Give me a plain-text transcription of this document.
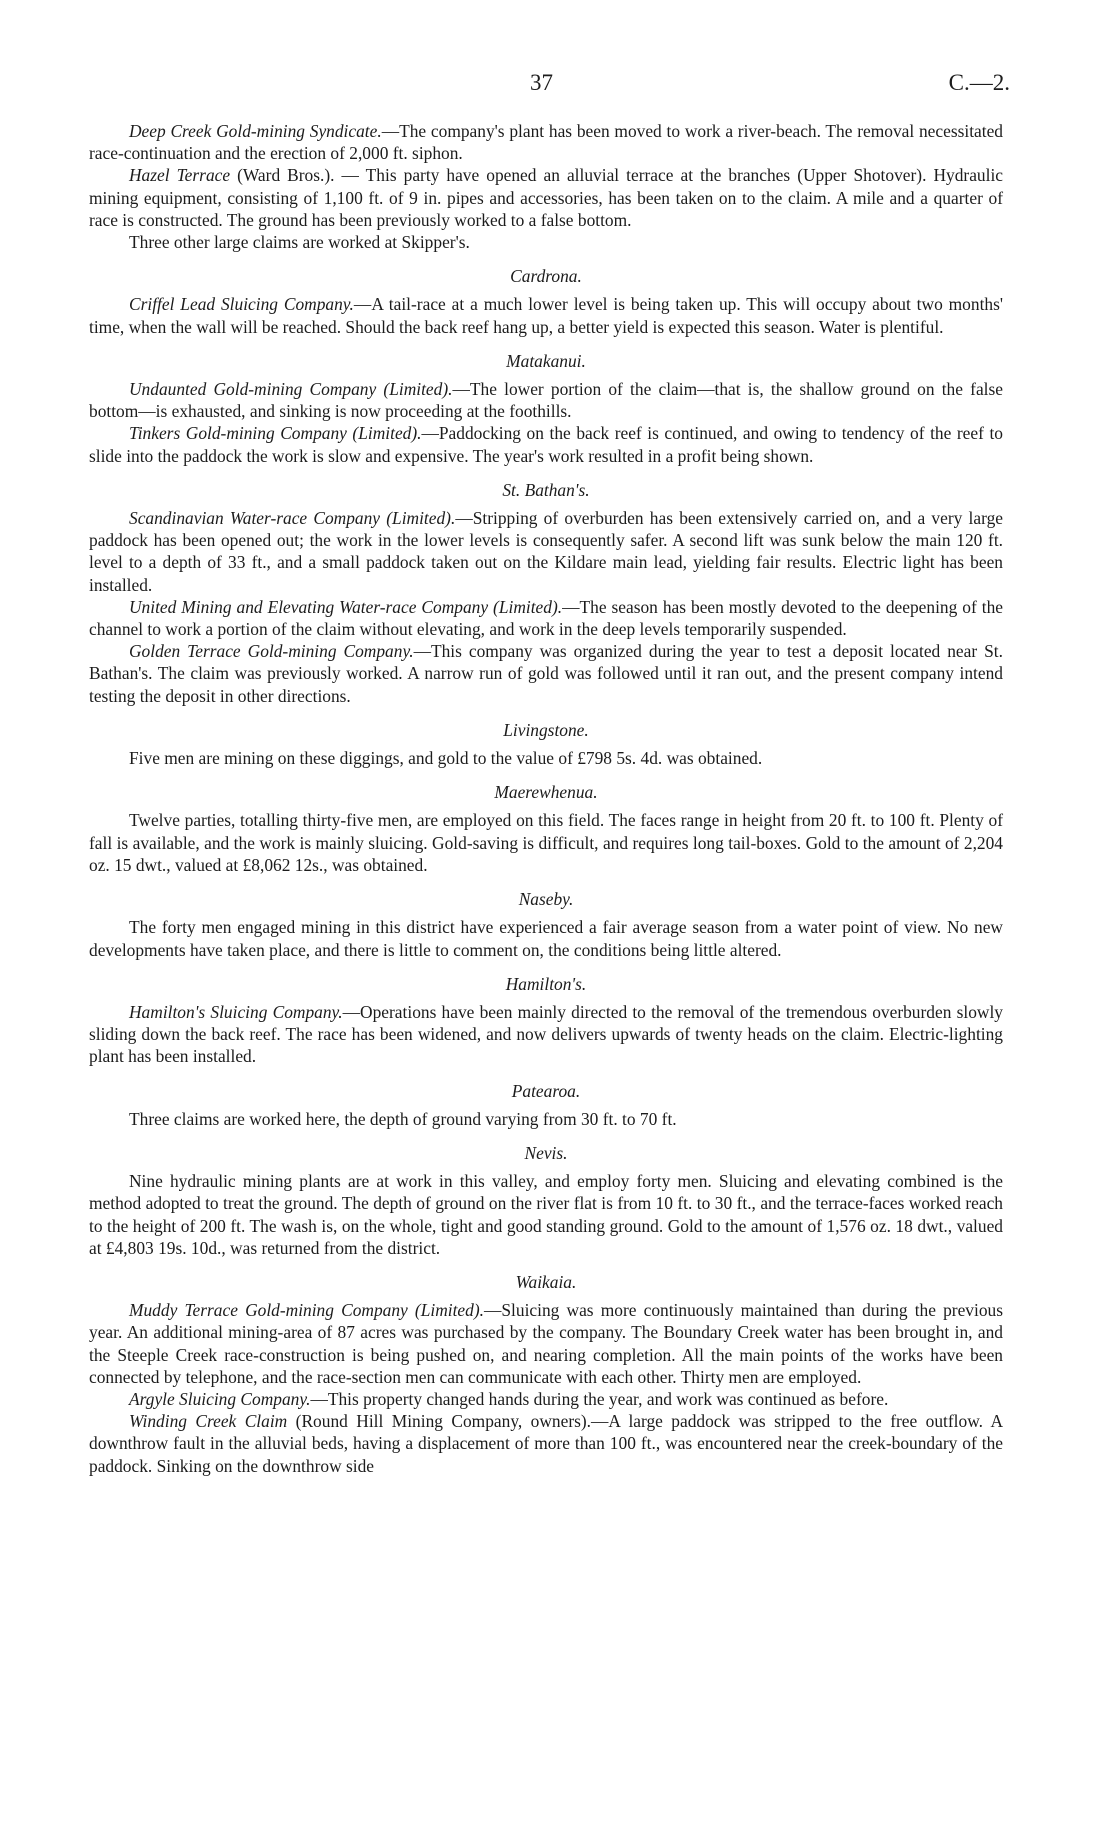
37	C.—2.

Deep Creek Gold-mining Syndicate.—The company's plant has been moved to work a river-beach. The removal necessitated race-continuation and the erection of 2,000 ft. siphon.

Hazel Terrace (Ward Bros.). — This party have opened an alluvial terrace at the branches (Upper Shotover). Hydraulic mining equipment, consisting of 1,100 ft. of 9 in. pipes and accessories, has been taken on to the claim. A mile and a quarter of race is constructed. The ground has been previously worked to a false bottom.

Three other large claims are worked at Skipper's.

Cardrona.

Criffel Lead Sluicing Company.—A tail-race at a much lower level is being taken up. This will occupy about two months' time, when the wall will be reached. Should the back reef hang up, a better yield is expected this season. Water is plentiful.

Matakanui.

Undaunted Gold-mining Company (Limited).—The lower portion of the claim—that is, the shallow ground on the false bottom—is exhausted, and sinking is now proceeding at the foothills.

Tinkers Gold-mining Company (Limited).—Paddocking on the back reef is continued, and owing to tendency of the reef to slide into the paddock the work is slow and expensive. The year's work resulted in a profit being shown.

St. Bathan's.

Scandinavian Water-race Company (Limited).—Stripping of overburden has been extensively carried on, and a very large paddock has been opened out; the work in the lower levels is consequently safer. A second lift was sunk below the main 120 ft. level to a depth of 33 ft., and a small paddock taken out on the Kildare main lead, yielding fair results. Electric light has been installed.

United Mining and Elevating Water-race Company (Limited).—The season has been mostly devoted to the deepening of the channel to work a portion of the claim without elevating, and work in the deep levels temporarily suspended.

Golden Terrace Gold-mining Company.—This company was organized during the year to test a deposit located near St. Bathan's. The claim was previously worked. A narrow run of gold was followed until it ran out, and the present company intend testing the deposit in other directions.

Livingstone.

Five men are mining on these diggings, and gold to the value of £798 5s. 4d. was obtained.

Maerewhenua.

Twelve parties, totalling thirty-five men, are employed on this field. The faces range in height from 20 ft. to 100 ft. Plenty of fall is available, and the work is mainly sluicing. Gold-saving is difficult, and requires long tail-boxes. Gold to the amount of 2,204 oz. 15 dwt., valued at £8,062 12s., was obtained.

Naseby.

The forty men engaged mining in this district have experienced a fair average season from a water point of view. No new developments have taken place, and there is little to comment on, the conditions being little altered.

Hamilton's.

Hamilton's Sluicing Company.—Operations have been mainly directed to the removal of the tremendous overburden slowly sliding down the back reef. The race has been widened, and now delivers upwards of twenty heads on the claim. Electric-lighting plant has been installed.

Patearoa.

Three claims are worked here, the depth of ground varying from 30 ft. to 70 ft.

Nevis.

Nine hydraulic mining plants are at work in this valley, and employ forty men. Sluicing and elevating combined is the method adopted to treat the ground. The depth of ground on the river flat is from 10 ft. to 30 ft., and the terrace-faces worked reach to the height of 200 ft. The wash is, on the whole, tight and good standing ground. Gold to the amount of 1,576 oz. 18 dwt., valued at £4,803 19s. 10d., was returned from the district.

Waikaia.

Muddy Terrace Gold-mining Company (Limited).—Sluicing was more continuously maintained than during the previous year. An additional mining-area of 87 acres was purchased by the company. The Boundary Creek water has been brought in, and the Steeple Creek race-construction is being pushed on, and nearing completion. All the main points of the works have been connected by telephone, and the race-section men can communicate with each other. Thirty men are employed.

Argyle Sluicing Company.—This property changed hands during the year, and work was continued as before.

Winding Creek Claim (Round Hill Mining Company, owners).—A large paddock was stripped to the free outflow. A downthrow fault in the alluvial beds, having a displacement of more than 100 ft., was encountered near the creek-boundary of the paddock. Sinking on the downthrow side
